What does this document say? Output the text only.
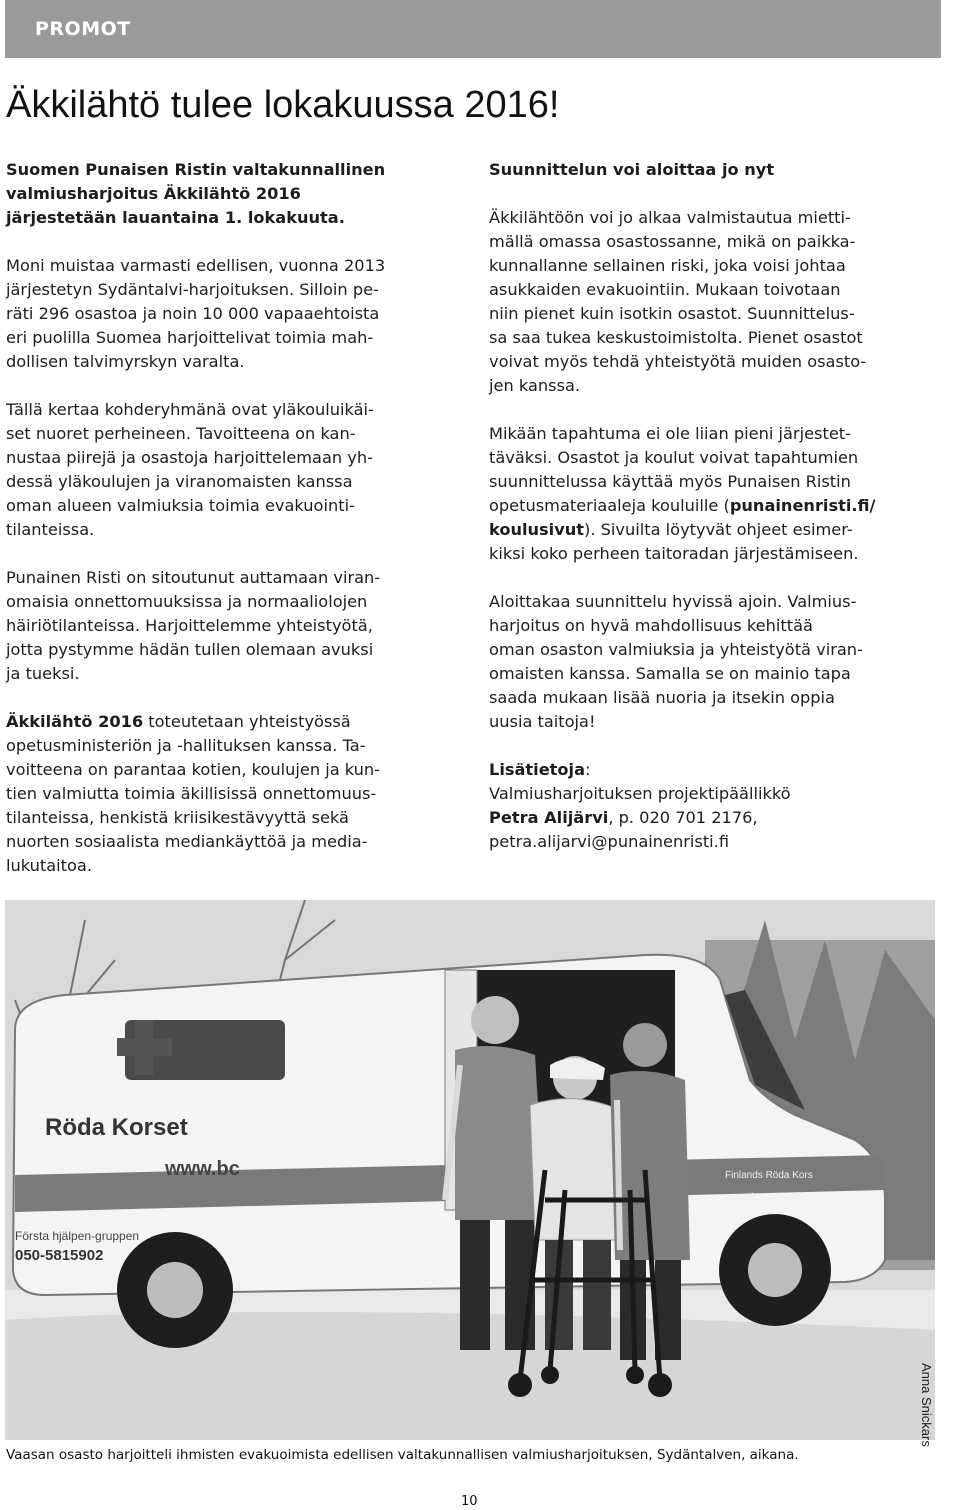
PROMOT
Äkkilähtö tulee lokakuussa 2016!

Suomen Punaisen Ristin valtakunnallinen
valmiusharjoitus Äkkilähtö 2016
järjestetään lauantaina 1. lokakuuta.

Moni muistaa varmasti edellisen, vuonna 2013
järjestetyn Sydäntalvi-harjoituksen. Silloin pe-
räti 296 osastoa ja noin 10 000 vapaaehtoista
eri puolilla Suomea harjoittelivat toimia mah-
dollisen talvimyrskyn varalta.

Tällä kertaa kohderyhmänä ovat yläkouluikäi-
set nuoret perheineen. Tavoitteena on kan-
nustaa piirejä ja osastoja harjoittelemaan yh-
dessä yläkoulujen ja viranomaisten kanssa
oman alueen valmiuksia toimia evakuointi-
tilanteissa.

Punainen Risti on sitoutunut auttamaan viran-
omaisia onnettomuuksissa ja normaaliolojen
häiriötilanteissa. Harjoittelemme yhteistyötä,
jotta pystymme hädän tullen olemaan avuksi
ja tueksi.

Äkkilähtö 2016 toteutetaan yhteistyössä
opetusministeriön ja -hallituksen kanssa. Ta-
voitteena on parantaa kotien, koulujen ja kun-
tien valmiutta toimia äkillisissä onnettomuus-
tilanteissa, henkistä kriisikestävyyttä sekä
nuorten sosiaalista mediankäyttöä ja media-
lukutaitoa.

Suunnittelun voi aloittaa jo nyt

Äkkilähtöön voi jo alkaa valmistautua mietti-
mällä omassa osastossanne, mikä on paikka-
kunnallanne sellainen riski, joka voisi johtaa
asukkaiden evakuointiin. Mukaan toivotaan
niin pienet kuin isotkin osastot. Suunnittelus-
sa saa tukea keskustoimistolta. Pienet osastot
voivat myös tehdä yhteistyötä muiden osasto-
jen kanssa.

Mikään tapahtuma ei ole liian pieni järjestet-
täväksi. Osastot ja koulut voivat tapahtumien
suunnittelussa käyttää myös Punaisen Ristin
opetusmateriaaleja kouluille (punainenristi.fi/
koulusivut). Sivuilta löytyvät ohjeet esimer-
kiksi koko perheen taitoradan järjestämiseen.

Aloittakaa suunnittelu hyvissä ajoin. Valmius-
harjoitus on hyvä mahdollisuus kehittää
oman osaston valmiuksia ja yhteistyötä viran-
omaisten kanssa. Samalla se on mainio tapa
saada mukaan lisää nuoria ja itsekin oppia
uusia taitoja!

Lisätietoja:
Valmiusharjoituksen projektipäällikkö
Petra Alijärvi, p. 020 701 2176,
petra.alijarvi@punainenristi.fi

Röda Korset
www.bc
Första hjälpen-gruppen
050-5815902
Finlands Röda Kors
svenska avdelning
Anna Snickars
Vaasan osasto harjoitteli ihmisten evakuoimista edellisen valtakunnallisen valmiusharjoituksen, Sydäntalven, aikana.
10
